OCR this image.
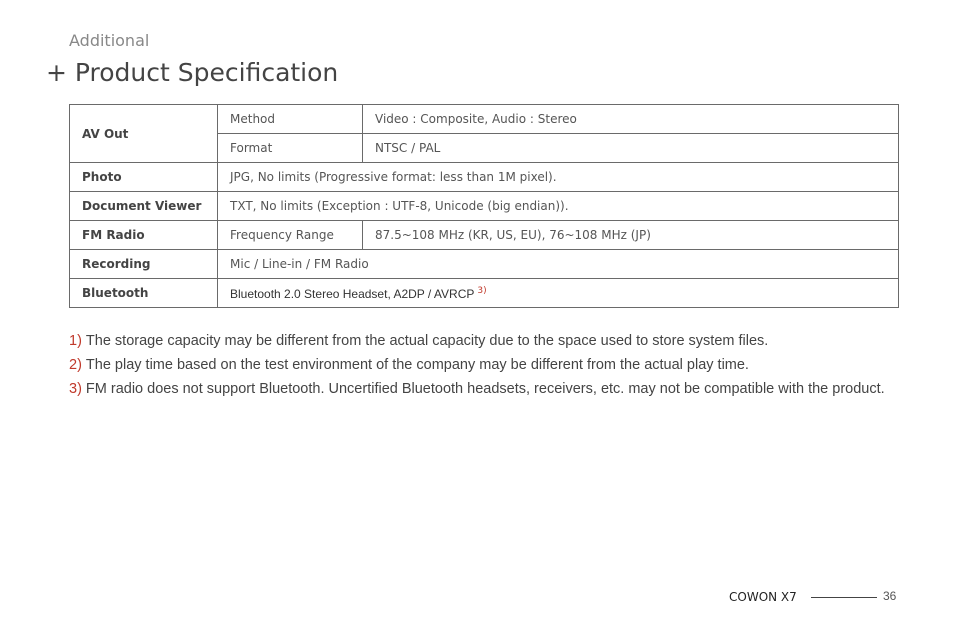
Additional
+ Product Specification
AV Out	Method	Video : Composite, Audio : Stereo
	Format	NTSC / PAL
Photo	JPG, No limits (Progressive format: less than 1M pixel).	
Document Viewer	TXT, No limits (Exception : UTF-8, Unicode (big endian)).	
FM Radio	Frequency Range	87.5~108 MHz (KR, US, EU), 76~108 MHz (JP)
Recording	Mic / Line-in / FM Radio	
Bluetooth	Bluetooth 2.0 Stereo Headset, A2DP / AVRCP $^{3)}$
1) The storage capacity may be different from the actual capacity due to the space used to store system files.
2) The play time based on the test environment of the company may be different from the actual play time.
3) FM radio does not support Bluetooth. Uncertified Bluetooth headsets, receivers, etc. may not be compatible with the product.
COWON X7	36
